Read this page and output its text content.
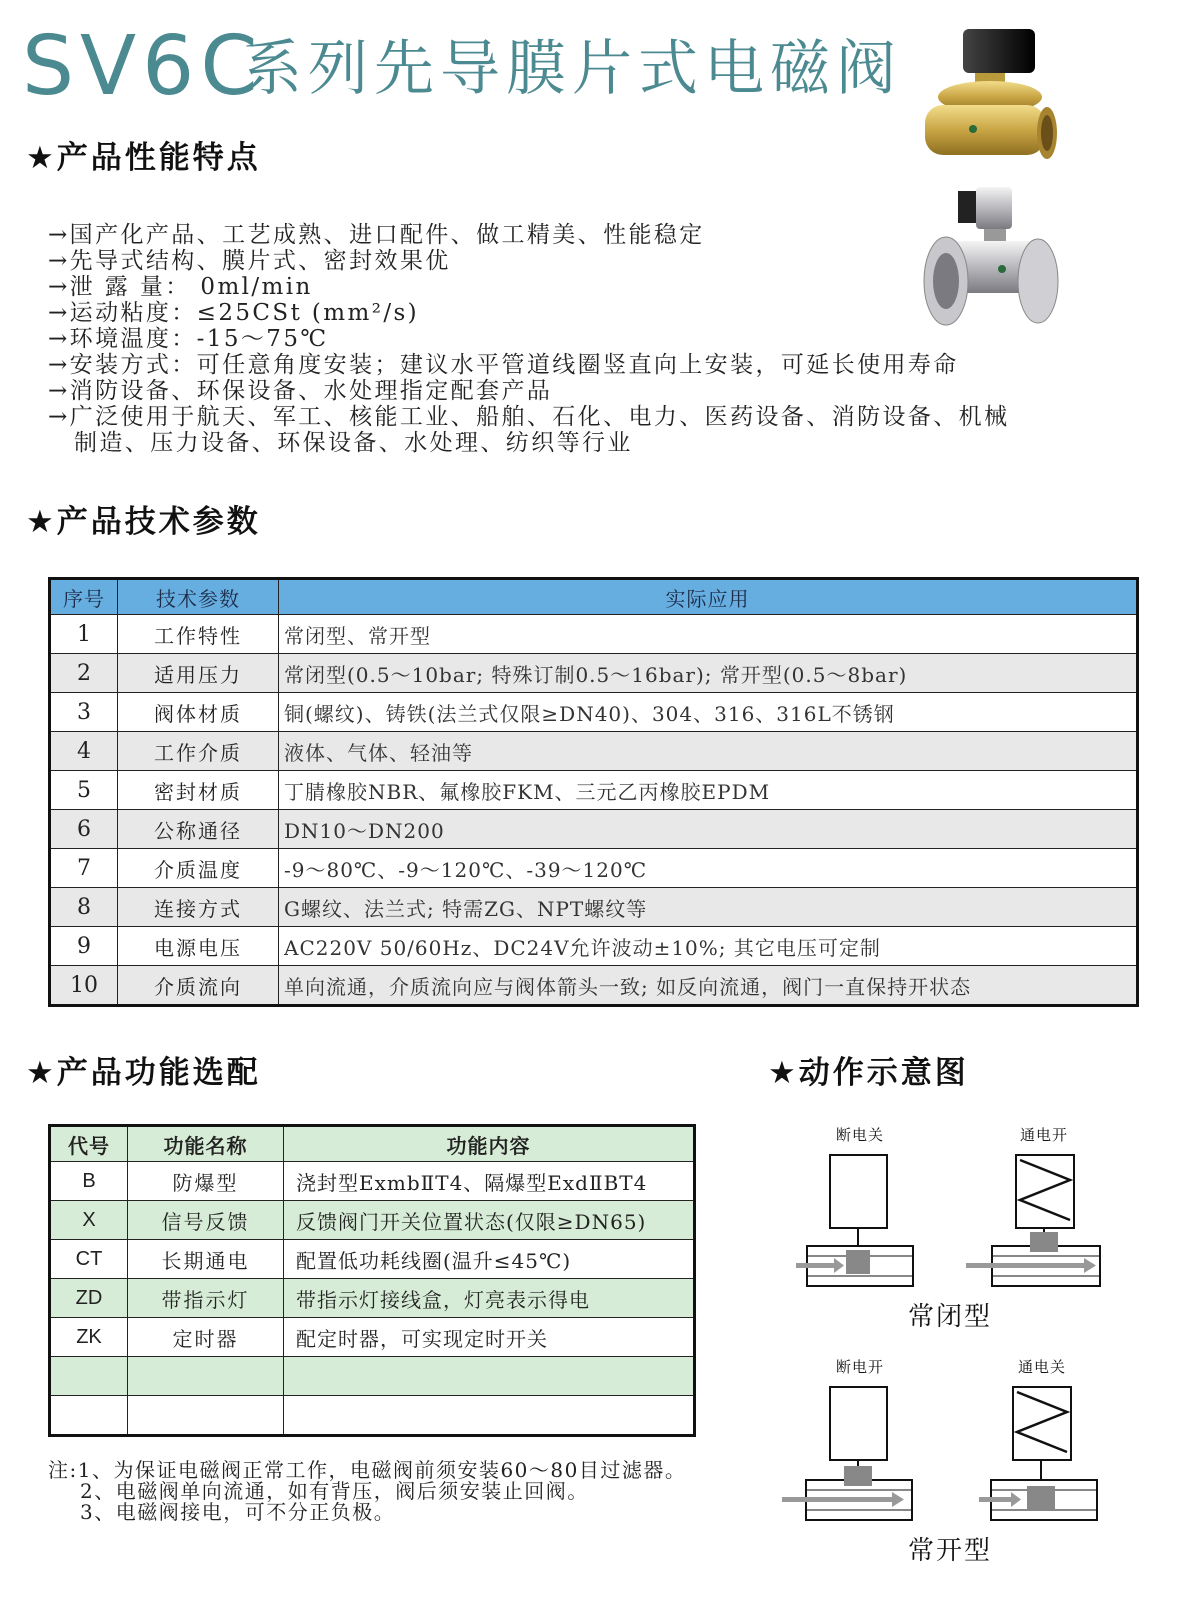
SV6C
系列先导膜片式电磁阀
★产品性能特点
→国产化产品、工艺成熟、进口配件、做工精美、性能稳定
→先导式结构、膜片式、密封效果优
→泄 露 量： 0ml/min
→运动粘度：≤25CSt (mm²/s)
→环境温度：-15～75℃
→安装方式：可任意角度安装；建议水平管道线圈竖直向上安装，可延长使用寿命
→消防设备、环保设备、水处理指定配套产品
→广泛使用于航天、军工、核能工业、船舶、石化、电力、医药设备、消防设备、机械
制造、压力设备、环保设备、水处理、纺织等行业
★产品技术参数
序号	技术参数	实际应用
1	工作特性	常闭型、常开型
2	适用压力	常闭型(0.5～10bar; 特殊订制0.5～16bar); 常开型(0.5～8bar)
3	阀体材质	铜(螺纹)、铸铁(法兰式仅限≥DN40)、304、316、316L不锈钢
4	工作介质	液体、气体、轻油等
5	密封材质	丁腈橡胶NBR、氟橡胶FKM、三元乙丙橡胶EPDM
6	公称通径	DN10～DN200
7	介质温度	-9～80℃、-9～120℃、-39～120℃
8	连接方式	G螺纹、法兰式; 特需ZG、NPT螺纹等
9	电源电压	AC220V 50/60Hz、DC24V允许波动±10%; 其它电压可定制
10	介质流向	单向流通，介质流向应与阀体箭头一致; 如反向流通，阀门一直保持开状态
★产品功能选配
代号	功能名称	功能内容
B	防爆型	浇封型ExmbⅡT4、隔爆型ExdⅡBT4
X	信号反馈	反馈阀门开关位置状态(仅限≥DN65)
CT	长期通电	配置低功耗线圈(温升≤45℃)
ZD	带指示灯	带指示灯接线盒，灯亮表示得电
ZK	定时器	配定时器，可实现定时开关

注:1、为保证电磁阀正常工作，电磁阀前须安装60～80目过滤器。
2、电磁阀单向流通，如有背压，阀后须安装止回阀。
3、电磁阀接电，可不分正负极。
★动作示意图
断电关	通电开
常闭型
断电开	通电关
常开型
